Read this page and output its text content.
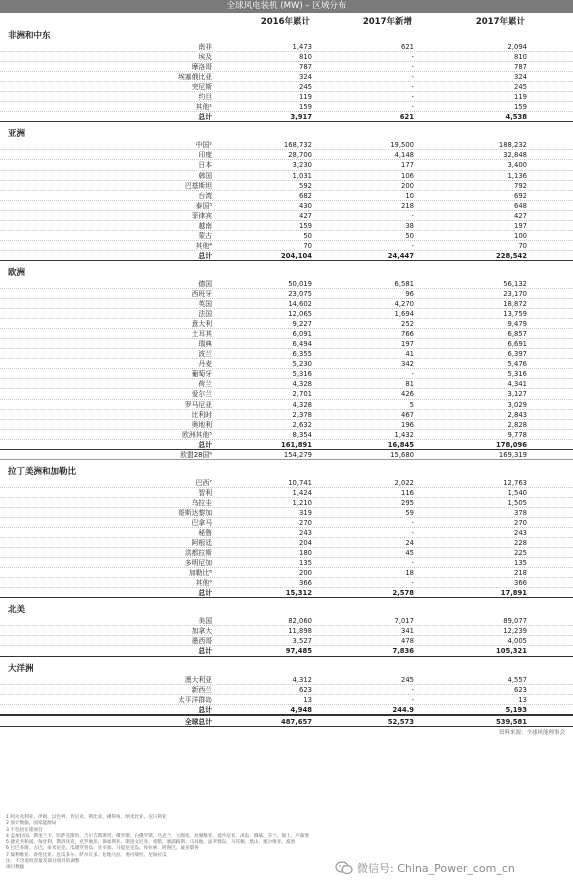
全球风电装机 (MW) – 区域分布
2016年累计	2017年新增	2017年累计
非洲和中东
南非	1,473	621	2,094
埃及	810	-	810
摩洛哥	787	-	787
埃塞俄比亚	324	-	324
突尼斯	245	-	245
约旦	119	-	119
其他¹	159	-	159
总计	3,917	621	4,538
亚洲
中国²	168,732	19,500	188,232
印度	28,700	4,148	32,848
日本	3,230	177	3,400
韩国	1,031	106	1,136
巴基斯坦	592	200	792
台湾	682	10	692
泰国³	430	218	648
菲律宾	427	-	427
越南	159	38	197
蒙古	50	50	100
其他⁴	70	-	70
总计	204,104	24,447	228,542
欧洲
德国	50,019	6,581	56,132
西班牙	23,075	96	23,170
英国	14,602	4,270	18,872
法国	12,065	1,694	13,759
意大利	9,227	252	9,479
土耳其	6,091	766	6,857
瑞典	6,494	197	6,691
波兰	6,355	41	6,397
丹麦	5,230	342	5,476
葡萄牙	5,316	-	5,316
荷兰	4,328	81	4,341
爱尔兰	2,701	426	3,127
罗马尼亚	4,328	5	3,029
比利时	2,378	467	2,843
奥地利	2,632	196	2,828
欧洲其他⁵	8,354	1,432	9,778
总计	161,891	16,845	178,096
欧盟28国⁶	154,279	15,680	169,319
拉丁美洲和加勒比
巴西⁷	10,741	2,022	12,763
智利	1,424	116	1,540
乌拉圭	1,210	295	1,505
哥斯达黎加	319	59	378
巴拿马	270	-	270
秘鲁	243	-	243
阿根廷	204	24	228
洪都拉斯	180	45	225
多明尼加	135	-	135
加勒比⁸	200	18	218
其他⁹	366	-	366
总计	15,312	2,578	17,891
北美
美国	82,060	7,017	89,077
加拿大	11,898	341	12,239
墨西哥	3,527	478	4,005
总计	97,485	7,836	105,321
大洋洲
澳大利亚	4,312	245	4,557
新西兰	623	-	623
太平洋群岛	13	-	13
总计	4,948	244.9	5,193
全球总计	487,657	52,573	539,581
资料来源：全球风能理事会
1 阿尔及利亚、伊朗、以色列、肯尼亚、利比亚、佛得角、纳米比亚、尼日利亚
2 预计数据，国家能源局
3 不包括在建项目
4 孟加拉国、斯里兰卡、哈萨克斯坦、吉尔吉斯斯坦、俄罗斯、白俄罗斯、乌克兰、立陶宛、拉脱维亚、爱沙尼亚、冰岛、挪威、芬兰、瑞士、卢森堡
5 捷克共和国、匈牙利、斯洛伐克、克罗地亚、保加利亚、斯洛文尼亚、希腊、塞浦路斯、马耳他、法罗群岛、马其顿、黑山、塞尔维亚、波黑
6 巴巴多斯、古巴、多米尼克、瓜德罗普岛、牙买加、马提尼克岛、库拉索、阿鲁巴、波多黎各
7 玻利维亚、哥伦比亚、厄瓜多尔、萨尔瓦多、危地马拉、委内瑞拉、尼加拉瓜
注：不含退役容量及部分项目的调整
项目数据	微信号: China_Power_com_cn
